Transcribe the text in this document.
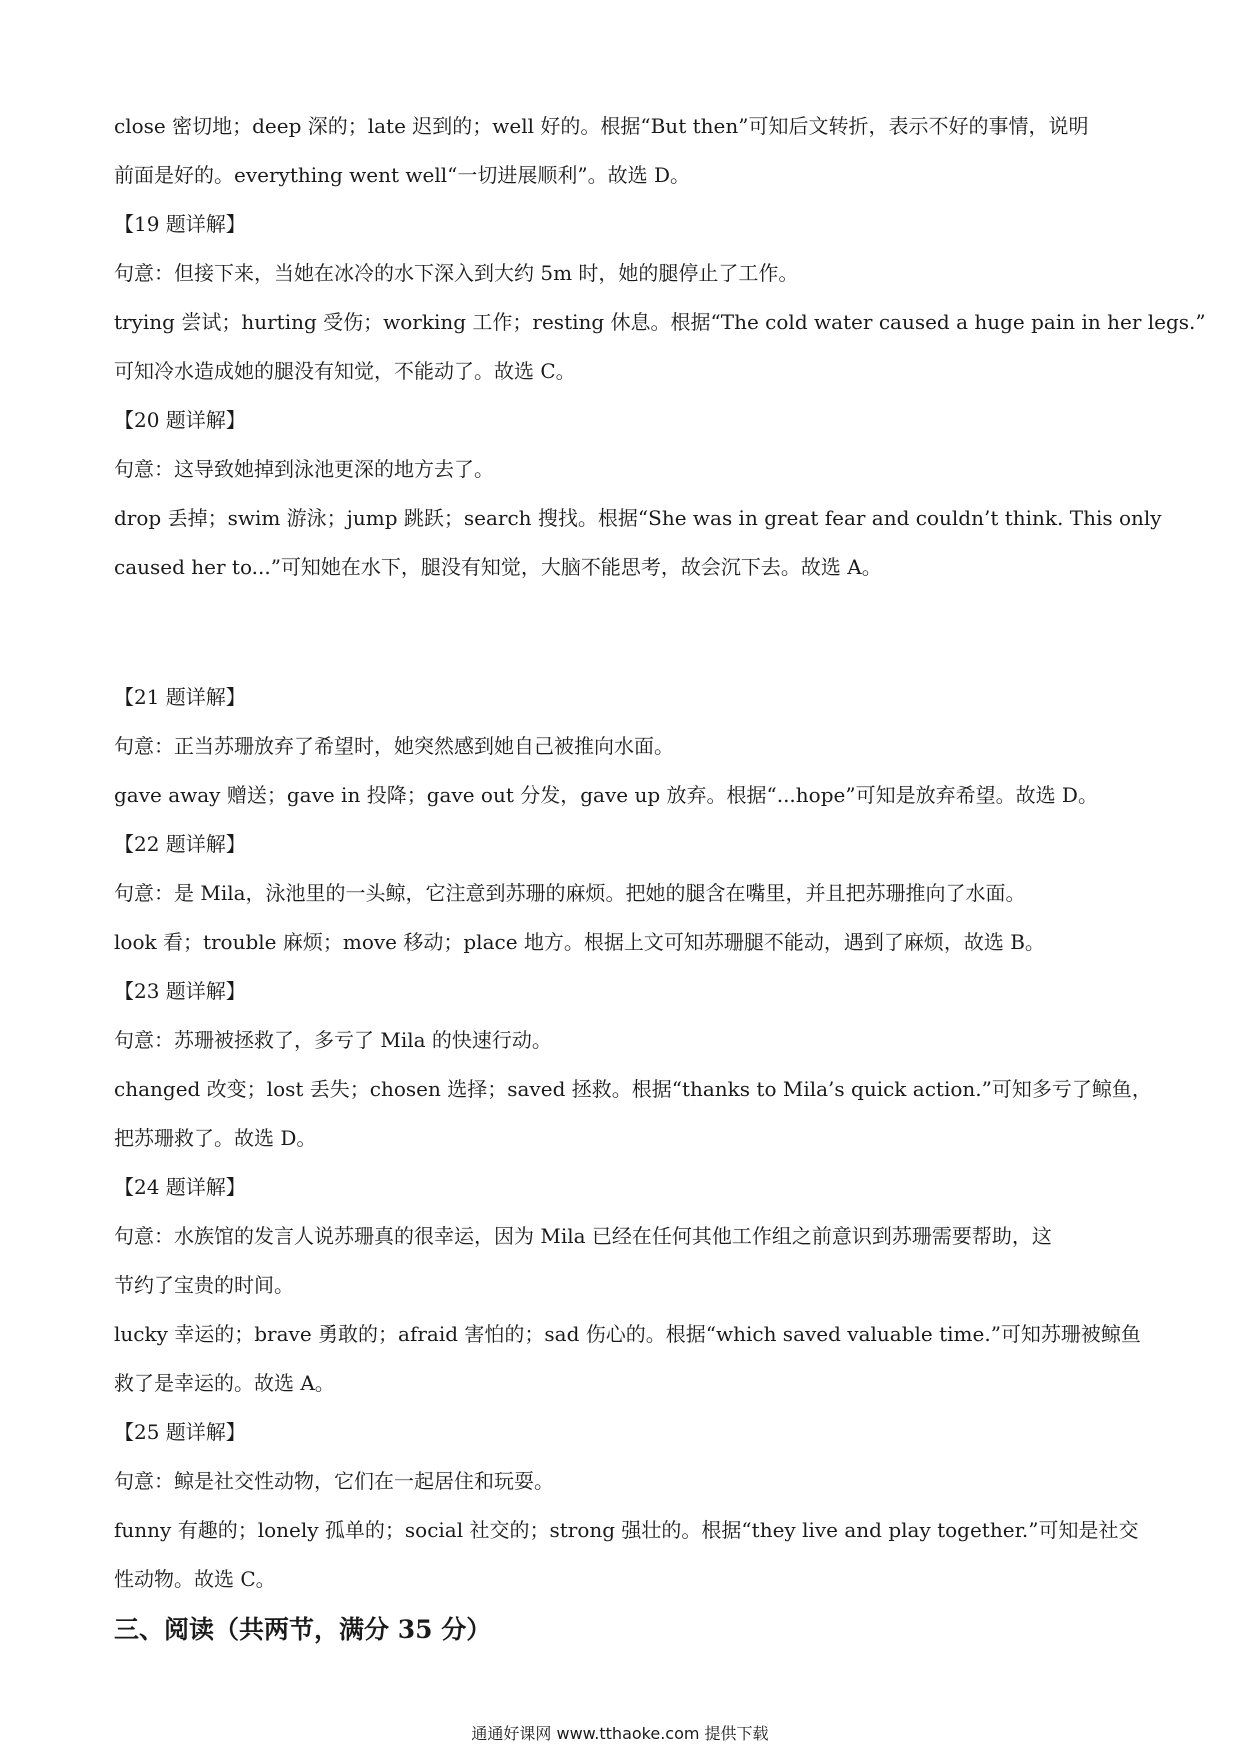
close 密切地；deep 深的；late 迟到的；well 好的。根据“But then”可知后文转折，表示不好的事情，说明

前面是好的。everything went well“一切进展顺利”。故选 D。

【19 题详解】

句意：但接下来，当她在冰冷的水下深入到大约 5m 时，她的腿停止了工作。

trying 尝试；hurting 受伤；working 工作；resting 休息。根据“The cold water caused a huge pain in her legs.”

可知冷水造成她的腿没有知觉，不能动了。故选 C。

【20 题详解】

句意：这导致她掉到泳池更深的地方去了。

drop 丢掉；swim 游泳；jump 跳跃；search 搜找。根据“She was in great fear and couldn’t think. This only

caused her to...”可知她在水下，腿没有知觉，大脑不能思考，故会沉下去。故选 A。

【21 题详解】

句意：正当苏珊放弃了希望时，她突然感到她自己被推向水面。

gave away 赠送；gave in 投降；gave out 分发，gave up 放弃。根据“...hope”可知是放弃希望。故选 D。

【22 题详解】

句意：是 Mila，泳池里的一头鲸，它注意到苏珊的麻烦。把她的腿含在嘴里，并且把苏珊推向了水面。

look 看；trouble 麻烦；move 移动；place 地方。根据上文可知苏珊腿不能动，遇到了麻烦，故选 B。

【23 题详解】

句意：苏珊被拯救了，多亏了 Mila 的快速行动。

changed 改变；lost 丢失；chosen 选择；saved 拯救。根据“thanks to Mila’s quick action.”可知多亏了鲸鱼，

把苏珊救了。故选 D。

【24 题详解】

句意：水族馆的发言人说苏珊真的很幸运，因为 Mila 已经在任何其他工作组之前意识到苏珊需要帮助，这

节约了宝贵的时间。

lucky 幸运的；brave 勇敢的；afraid 害怕的；sad 伤心的。根据“which saved valuable time.”可知苏珊被鲸鱼

救了是幸运的。故选 A。

【25 题详解】

句意：鲸是社交性动物，它们在一起居住和玩耍。

funny 有趣的；lonely 孤单的；social 社交的；strong 强壮的。根据“they live and play together.”可知是社交

性动物。故选 C。

三、阅读（共两节，满分 35 分）

通通好课网 www.tthaoke.com 提供下载
